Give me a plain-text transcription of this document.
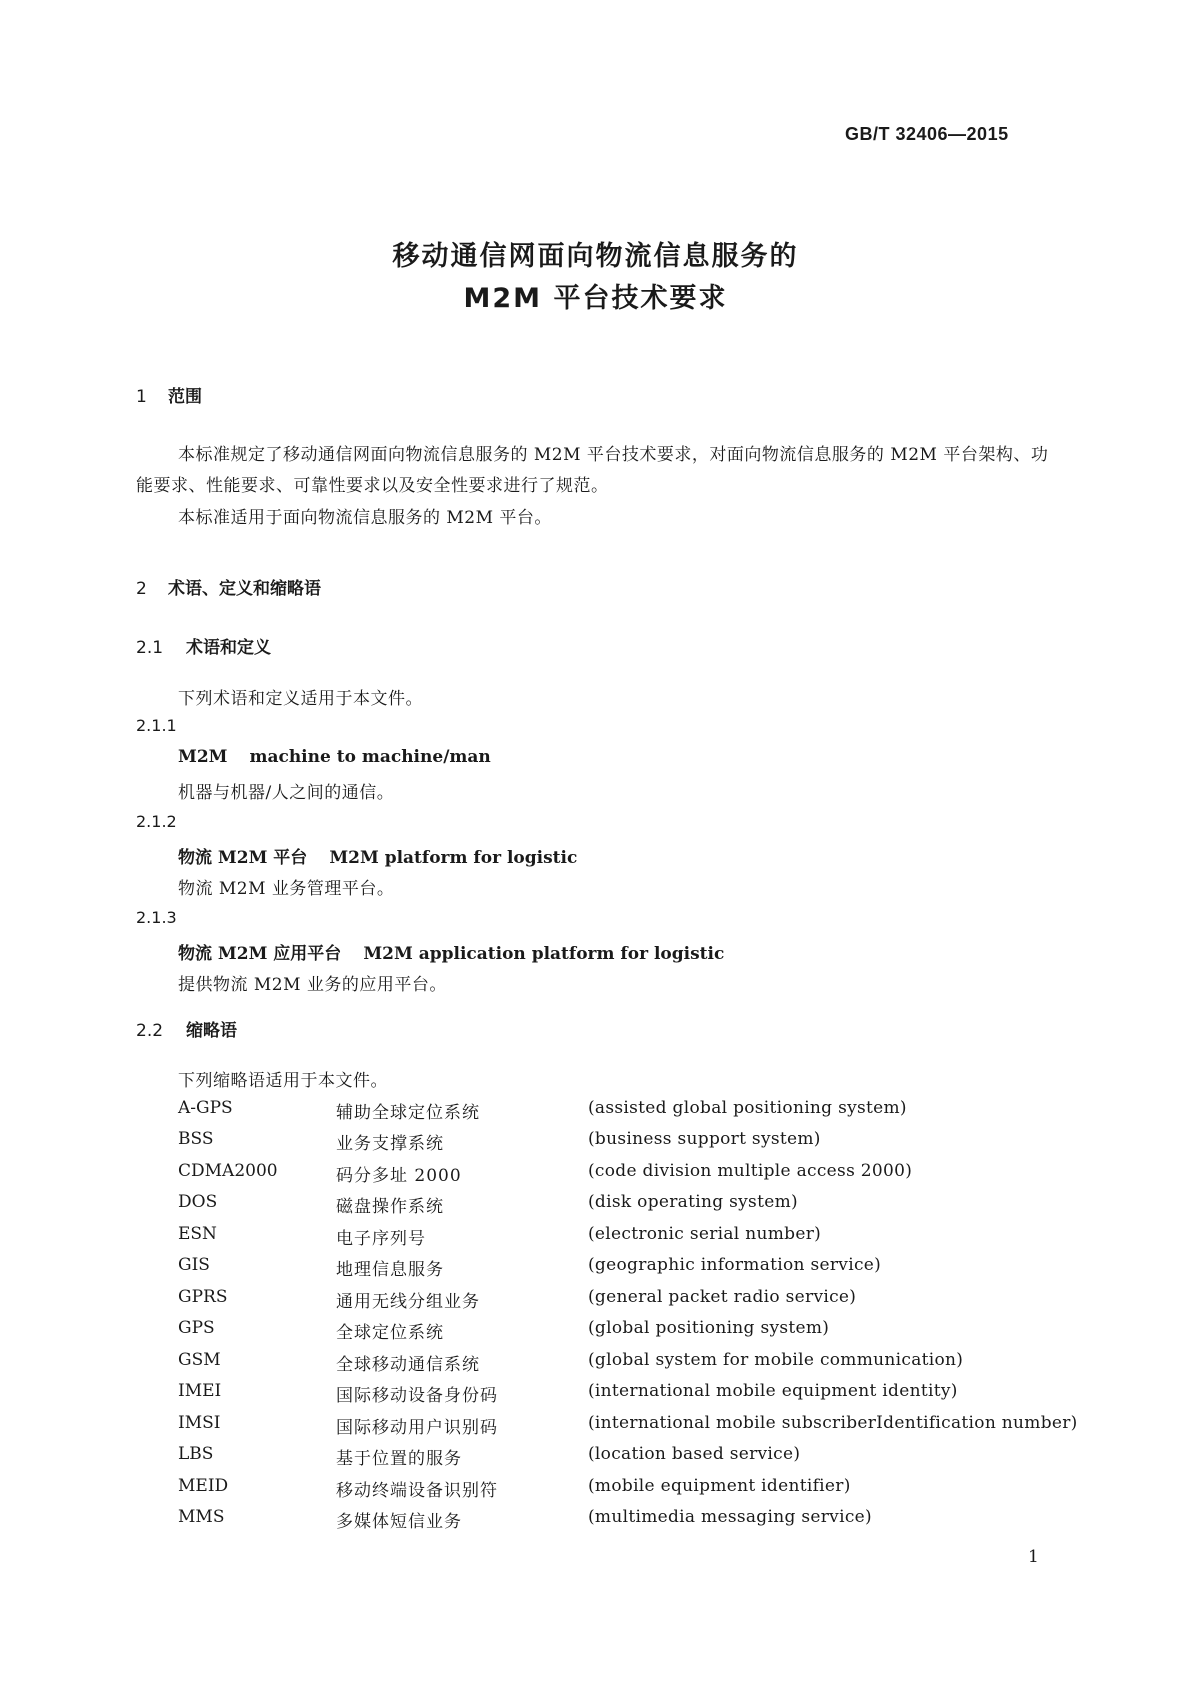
GB/T 32406—2015
移动通信网面向物流信息服务的
M2M 平台技术要求
1 范围
本标准规定了移动通信网面向物流信息服务的 M2M 平台技术要求，对面向物流信息服务的 M2M 平台架构、功能要求、性能要求、可靠性要求以及安全性要求进行了规范。
本标准适用于面向物流信息服务的 M2M 平台。
2 术语、定义和缩略语
2.1 术语和定义
下列术语和定义适用于本文件。
2.1.1
M2M machine to machine/man
机器与机器/人之间的通信。
2.1.2
物流 M2M 平台 M2M platform for logistic
物流 M2M 业务管理平台。
2.1.3
物流 M2M 应用平台 M2M application platform for logistic
提供物流 M2M 业务的应用平台。
2.2 缩略语
下列缩略语适用于本文件。
A-GPS	辅助全球定位系统	(assisted global positioning system)
BSS	业务支撑系统	(business support system)
CDMA2000	码分多址 2000	(code division multiple access 2000)
DOS	磁盘操作系统	(disk operating system)
ESN	电子序列号	(electronic serial number)
GIS	地理信息服务	(geographic information service)
GPRS	通用无线分组业务	(general packet radio service)
GPS	全球定位系统	(global positioning system)
GSM	全球移动通信系统	(global system for mobile communication)
IMEI	国际移动设备身份码	(international mobile equipment identity)
IMSI	国际移动用户识别码	(international mobile subscriberIdentification number)
LBS	基于位置的服务	(location based service)
MEID	移动终端设备识别符	(mobile equipment identifier)
MMS	多媒体短信业务	(multimedia messaging service)
1
